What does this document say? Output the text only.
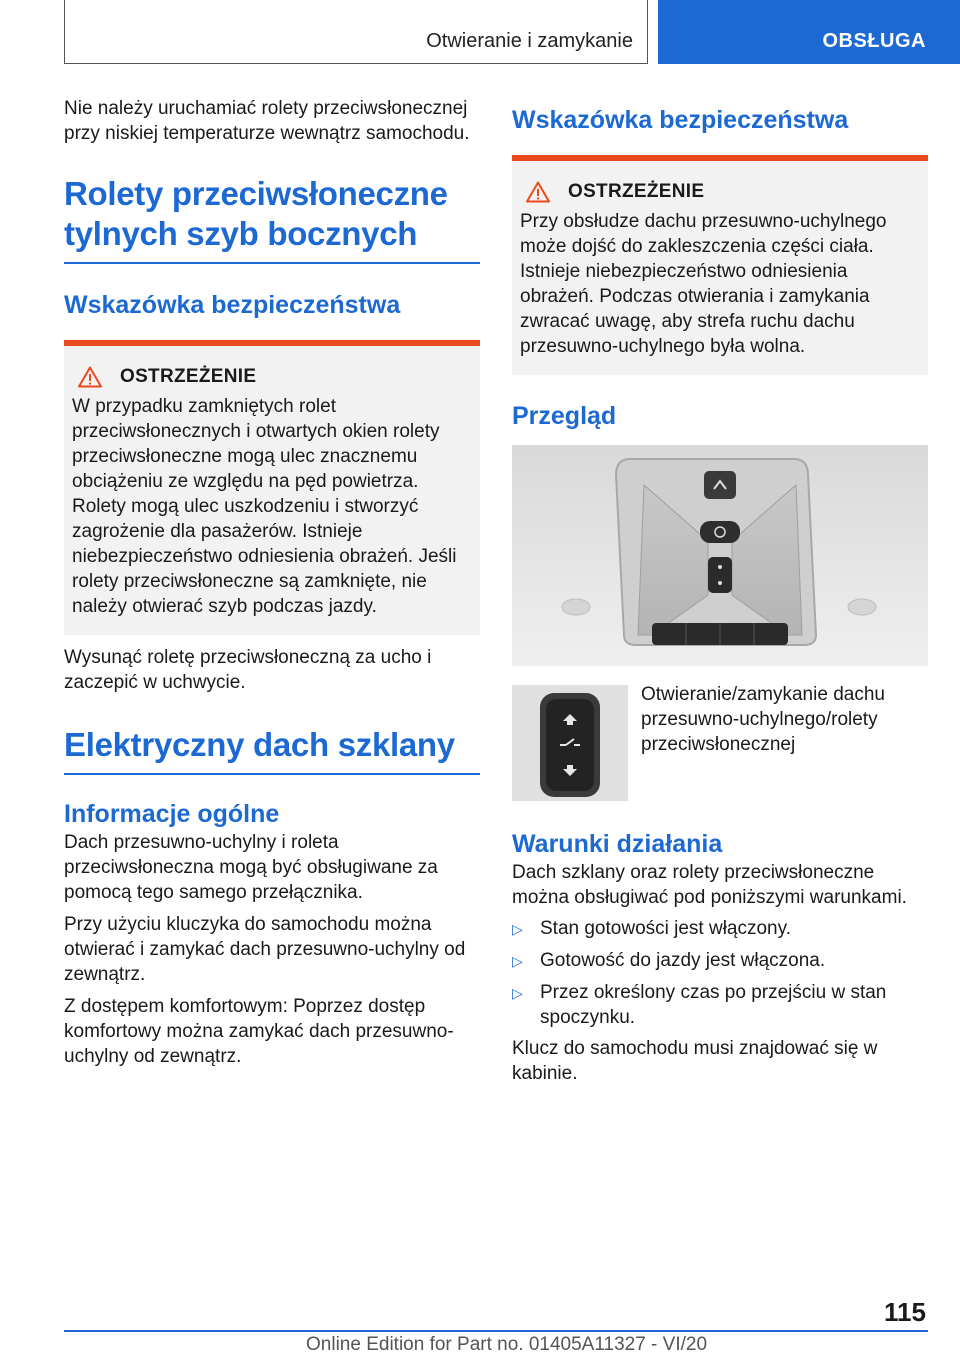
Otwieranie i zamykanie	OBSŁUGA

Nie należy uruchamiać rolety przeciwsłonecznej przy niskiej temperaturze wewnątrz samochodu.

Rolety przeciwsłoneczne tylnych szyb bocznych
Wskazówka bezpieczeństwa
OSTRZEŻENIE

W przypadku zamkniętych rolet przeciwsłonecznych i otwartych okien rolety przeciwsłoneczne mogą ulec znacznemu obciążeniu ze względu na pęd powietrza. Rolety mogą ulec uszkodzeniu i stworzyć zagrożenie dla pasażerów. Istnieje niebezpieczeństwo odniesienia obrażeń. Jeśli rolety przeciwsłoneczne są zamknięte, nie należy otwierać szyb podczas jazdy.

Wysunąć roletę przeciwsłoneczną za ucho i zaczepić w uchwycie.

Elektryczny dach szklany
Informacje ogólne

Dach przesuwno-uchylny i roleta przeciwsłoneczna mogą być obsługiwane za pomocą tego samego przełącznika.

Przy użyciu kluczyka do samochodu można otwierać i zamykać dach przesuwno-uchylny od zewnątrz.

Z dostępem komfortowym: Poprzez dostęp komfortowy można zamykać dach przesuwno-uchylny od zewnątrz.

Wskazówka bezpieczeństwa
OSTRZEŻENIE

Przy obsłudze dachu przesuwno-uchylnego może dojść do zakleszczenia części ciała. Istnieje niebezpieczeństwo odniesienia obrażeń. Podczas otwierania i zamykania zwracać uwagę, aby strefa ruchu dachu przesuwno-uchylnego była wolna.

Przegląd

Otwieranie/zamykanie dachu przesuwno-uchylnego/rolety przeciwsłonecznej

Warunki działania

Dach szklany oraz rolety przeciwsłoneczne można obsługiwać pod poniższymi warunkami.

▷ Stan gotowości jest włączony.
▷ Gotowość do jazdy jest włączona.
▷ Przez określony czas po przejściu w stan spoczynku.

Klucz do samochodu musi znajdować się w kabinie.

115
Online Edition for Part no. 01405A11327 - VI/20
